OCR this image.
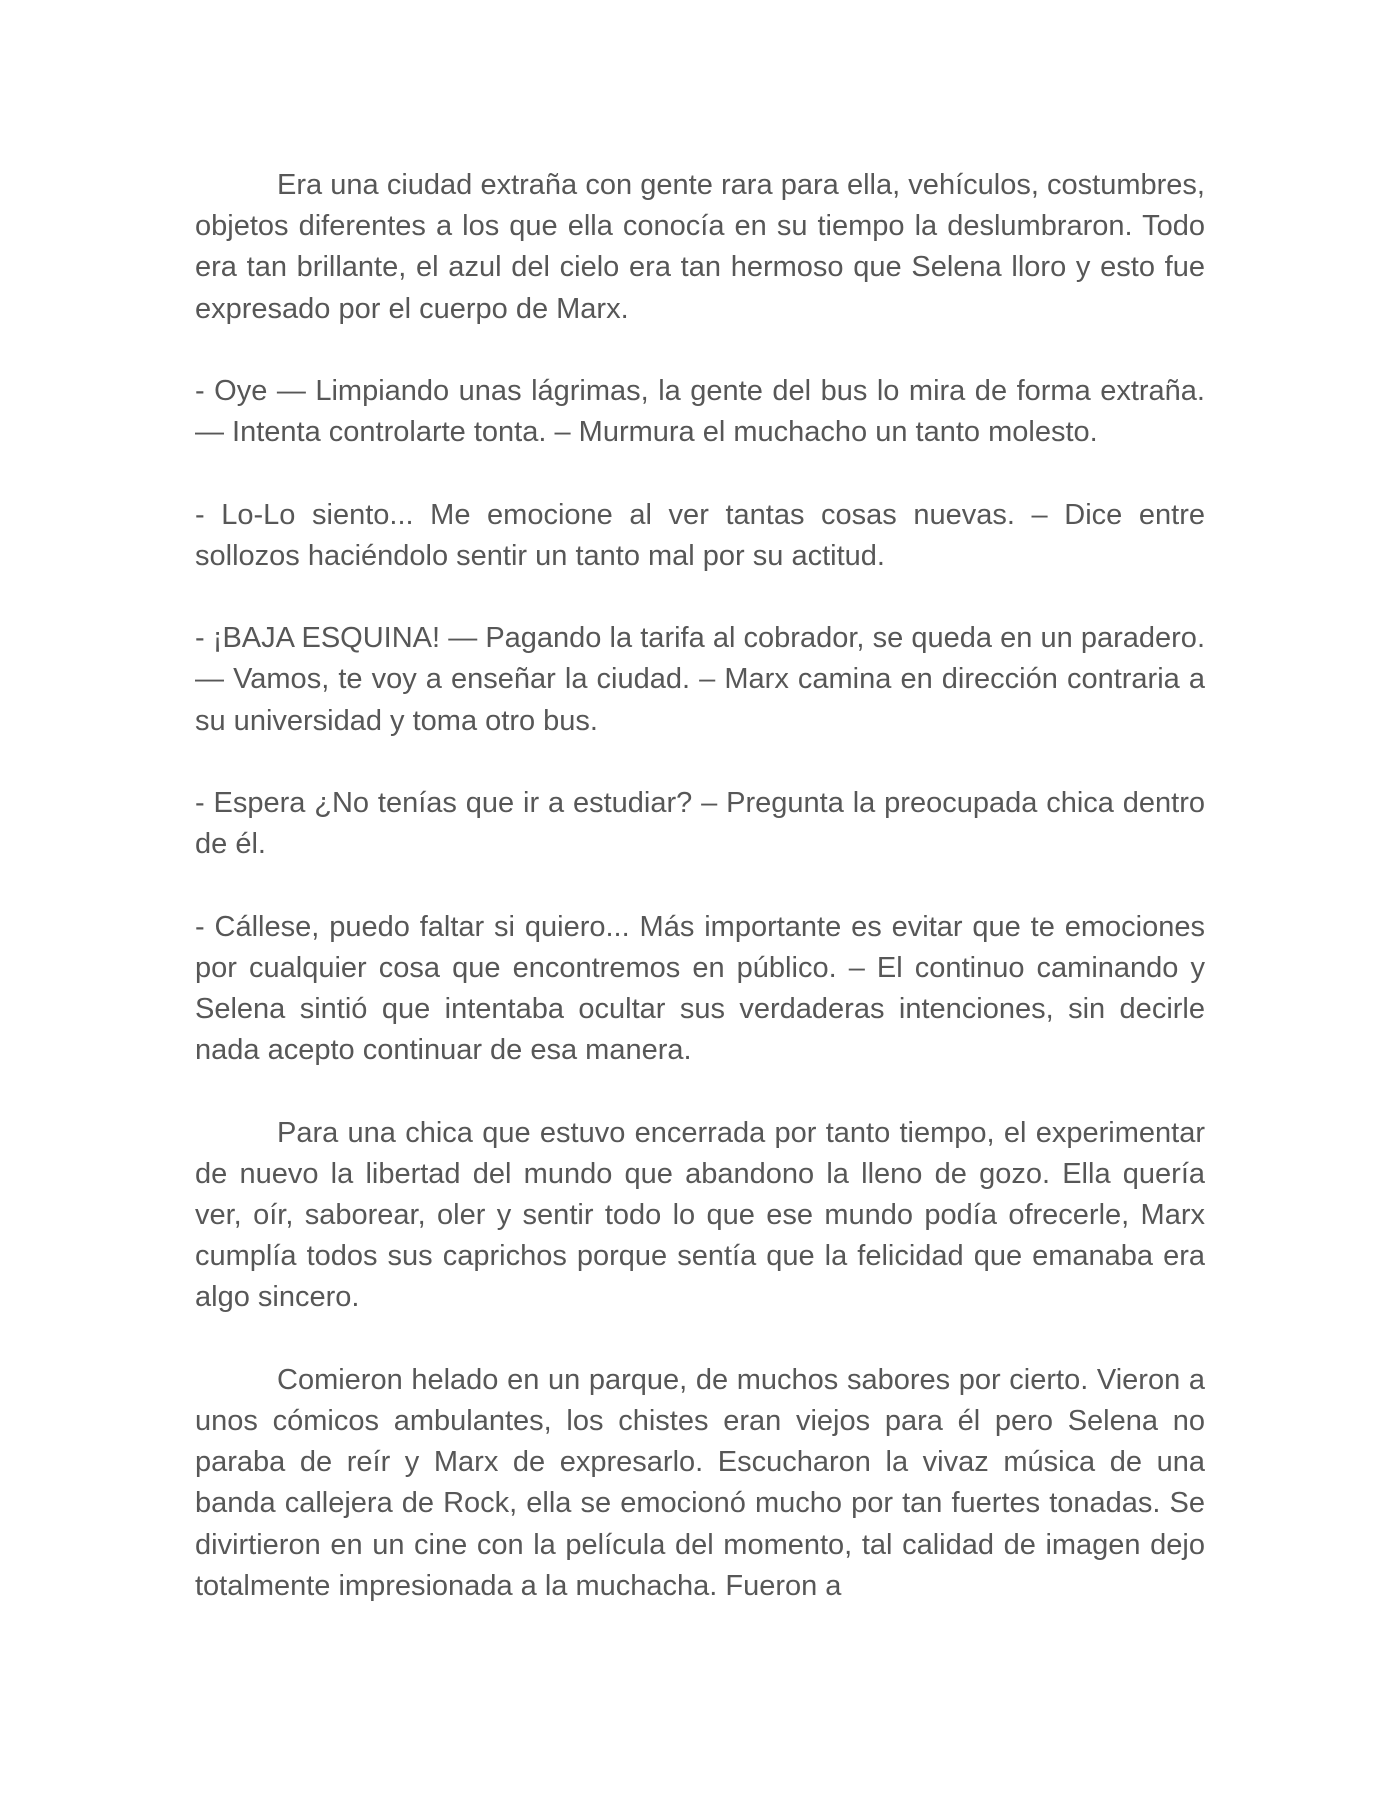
Era una ciudad extraña con gente rara para ella, vehículos, costumbres, objetos diferentes a los que ella conocía en su tiempo la deslumbraron. Todo era tan brillante, el azul del cielo era tan hermoso que Selena lloro y esto fue expresado por el cuerpo de Marx.

- Oye — Limpiando unas lágrimas, la gente del bus lo mira de forma extraña. — Intenta controlarte tonta. – Murmura el muchacho un tanto molesto.

- Lo-Lo siento... Me emocione al ver tantas cosas nuevas. – Dice entre sollozos haciéndolo sentir un tanto mal por su actitud.

- ¡BAJA ESQUINA! — Pagando la tarifa al cobrador, se queda en un paradero. — Vamos, te voy a enseñar la ciudad. – Marx camina en dirección contraria a su universidad y toma otro bus.

- Espera ¿No tenías que ir a estudiar? – Pregunta la preocupada chica dentro de él.

- Cállese, puedo faltar si quiero... Más importante es evitar que te emociones por cualquier cosa que encontremos en público. – El continuo caminando y Selena sintió que intentaba ocultar sus verdaderas intenciones, sin decirle nada acepto continuar de esa manera.

Para una chica que estuvo encerrada por tanto tiempo, el experimentar de nuevo la libertad del mundo que abandono la lleno de gozo. Ella quería ver, oír, saborear, oler y sentir todo lo que ese mundo podía ofrecerle, Marx cumplía todos sus caprichos porque sentía que la felicidad que emanaba era algo sincero.

Comieron helado en un parque, de muchos sabores por cierto. Vieron a unos cómicos ambulantes, los chistes eran viejos para él pero Selena no paraba de reír y Marx de expresarlo. Escucharon la vivaz música de una banda callejera de Rock, ella se emocionó mucho por tan fuertes tonadas. Se divirtieron en un cine con la película del momento, tal calidad de imagen dejo totalmente impresionada a la muchacha. Fueron a
